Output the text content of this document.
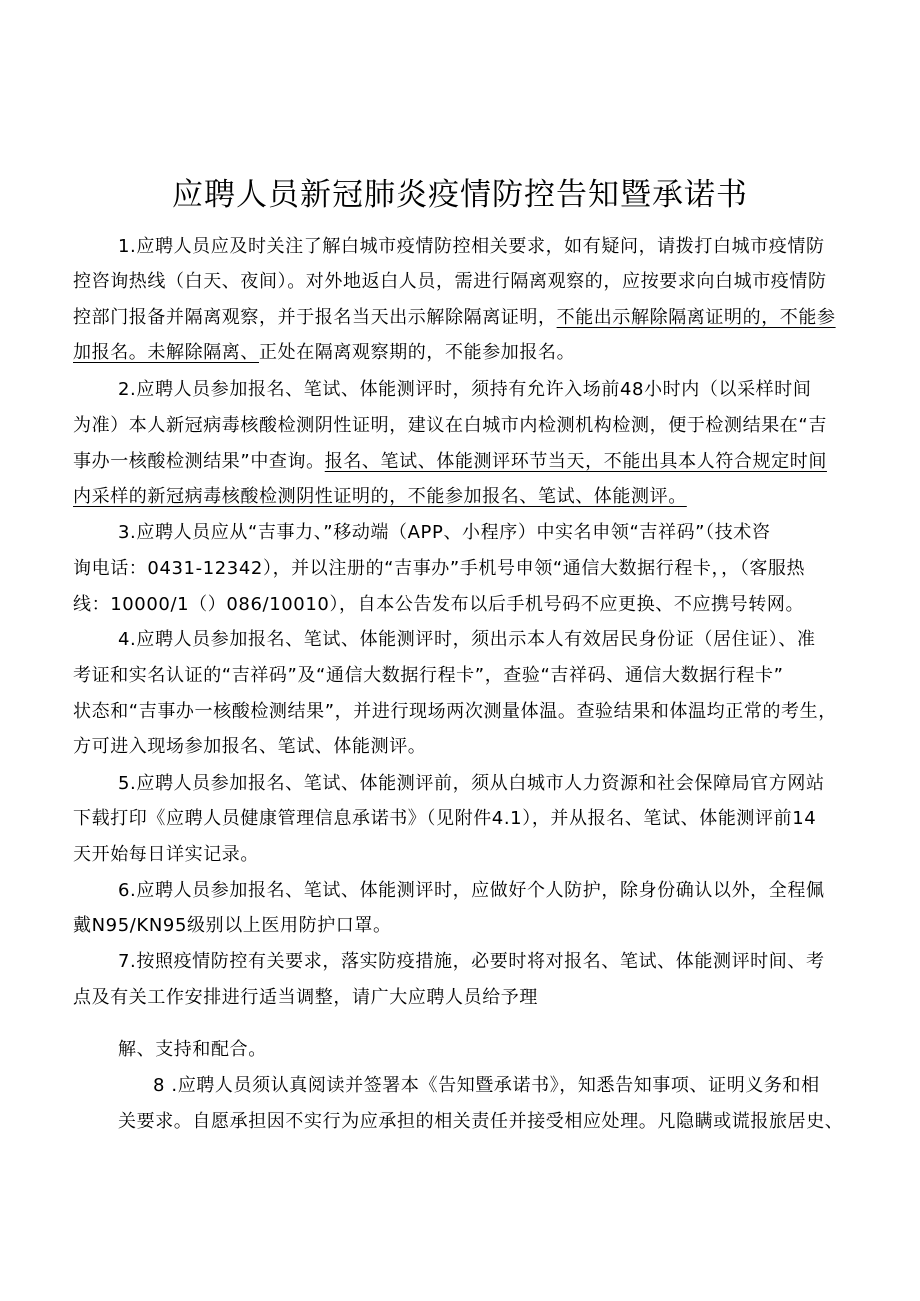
应聘人员新冠肺炎疫情防控告知暨承诺书
1.应聘人员应及时关注了解白城市疫情防控相关要求，如有疑问，请拨打白城市疫情防
控咨询热线（白天、夜间）。对外地返白人员，需进行隔离观察的，应按要求向白城市疫情防
控部门报备并隔离观察，并于报名当天出示解除隔离证明，不能出示解除隔离证明的，不能参
加报名。未解除隔离、正处在隔离观察期的，不能参加报名。
2.应聘人员参加报名、笔试、体能测评时，须持有允许入场前48小时内（以采样时间
为准）本人新冠病毒核酸检测阴性证明，建议在白城市内检测机构检测，便于检测结果在“吉
事办一核酸检测结果”中查询。报名、笔试、体能测评环节当天，不能出具本人符合规定时间
内采样的新冠病毒核酸检测阴性证明的，不能参加报名、笔试、体能测评。
3.应聘人员应从“吉事力、”移动端（APP、小程序）中实名申领“吉祥码”（技术咨
询电话：0431-12342），并以注册的“吉事办”手机号申领“通信大数据行程卡，，（客服热
线：10000/1（）086/10010），自本公告发布以后手机号码不应更换、不应携号转网。
4.应聘人员参加报名、笔试、体能测评时，须出示本人有效居民身份证（居住证）、准
考证和实名认证的“吉祥码”及“通信大数据行程卡”，查验“吉祥码、通信大数据行程卡”
状态和“吉事办一核酸检测结果”，并进行现场两次测量体温。查验结果和体温均正常的考生，
方可进入现场参加报名、笔试、体能测评。
5.应聘人员参加报名、笔试、体能测评前，须从白城市人力资源和社会保障局官方网站
下载打印《应聘人员健康管理信息承诺书》（见附件4.1），并从报名、笔试、体能测评前14
天开始每日详实记录。
6.应聘人员参加报名、笔试、体能测评时，应做好个人防护，除身份确认以外，全程佩
戴N95/KN95级别以上医用防护口罩。
7.按照疫情防控有关要求，落实防疫措施，必要时将对报名、笔试、体能测评时间、考
点及有关工作安排进行适当调整，请广大应聘人员给予理
解、支持和配合。
8 .应聘人员须认真阅读并签署本《告知暨承诺书》，知悉告知事项、证明义务和相
关要求。自愿承担因不实行为应承担的相关责任并接受相应处理。凡隐瞒或谎报旅居史、
